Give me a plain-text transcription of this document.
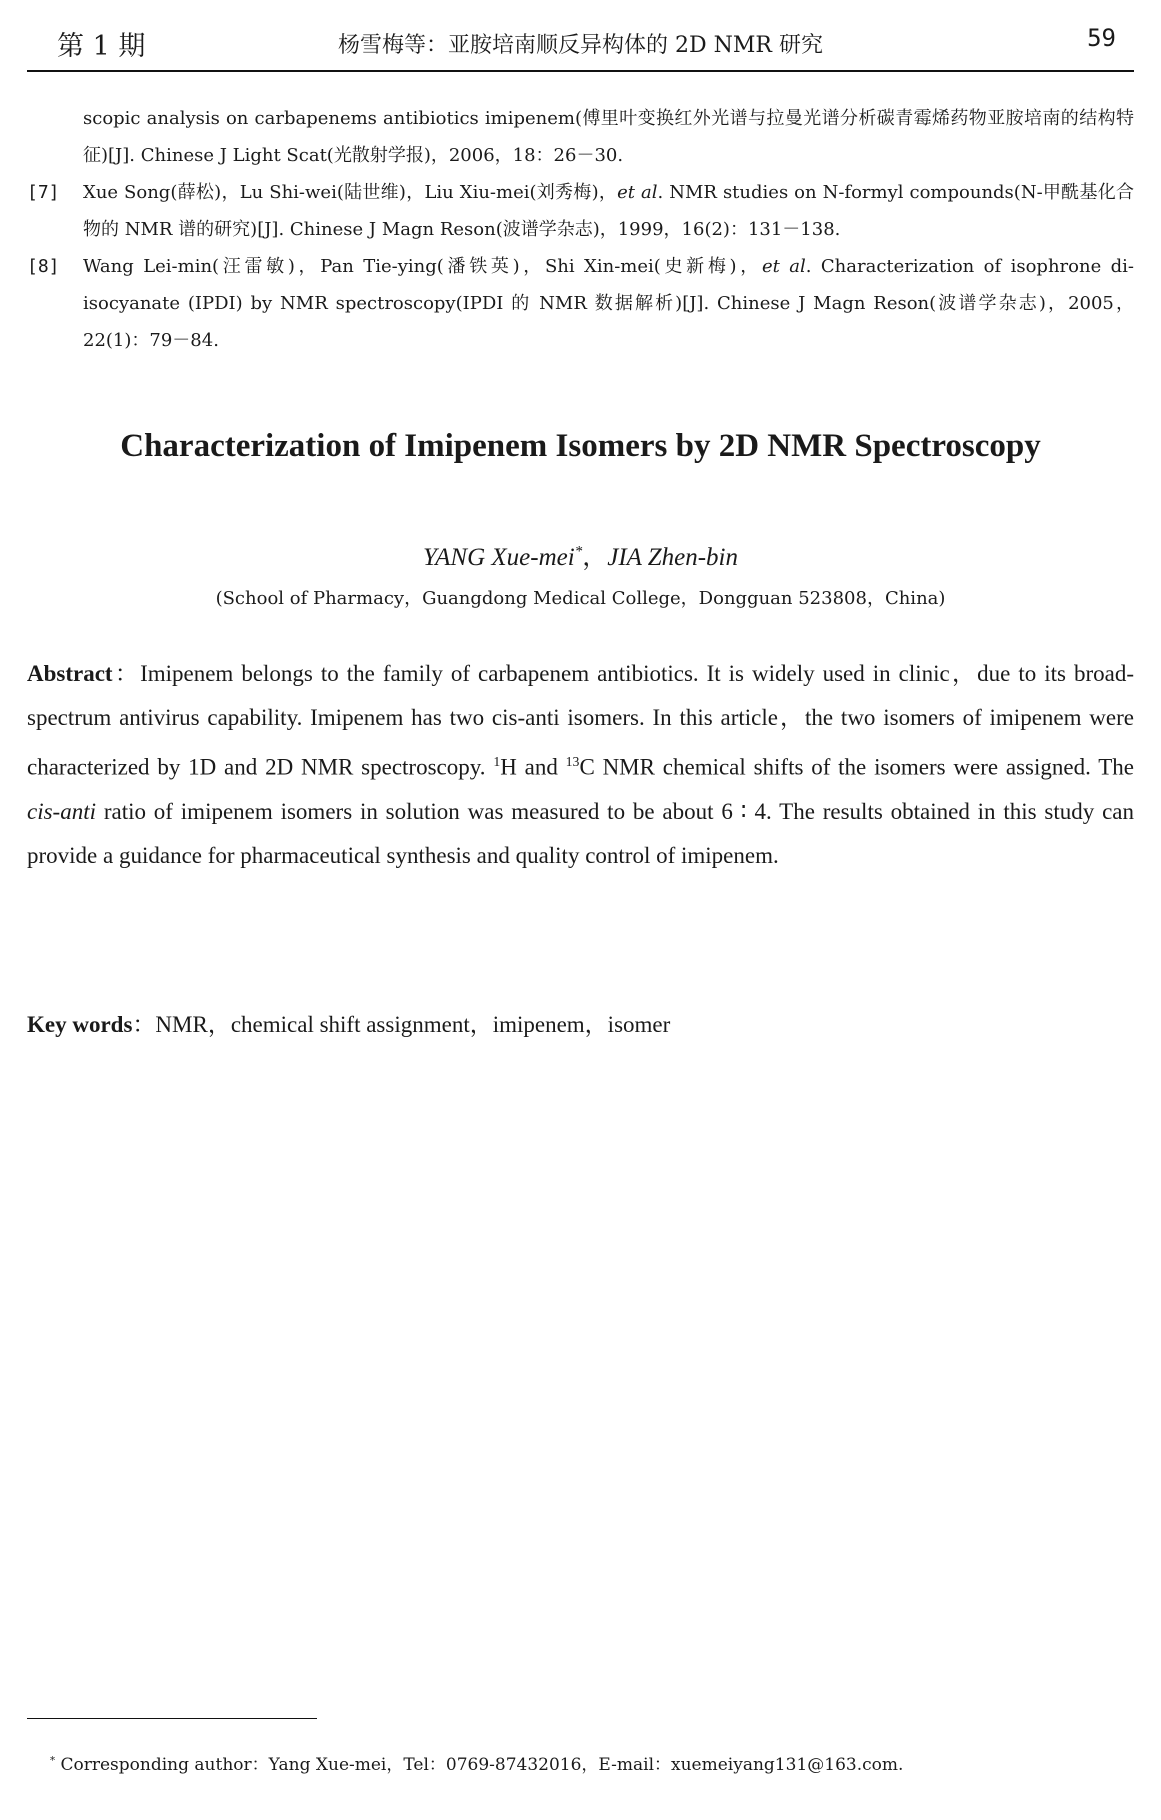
第 1 期	杨雪梅等：亚胺培南顺反异构体的 2D NMR 研究	59
scopic analysis on carbapenems antibiotics imipenem(傅里叶变换红外光谱与拉曼光谱分析碳青霉烯药物亚胺培南的结构特征)[J]. Chinese J Light Scat(光散射学报)，2006，18：26－30.
[7] Xue Song(薛松)，Lu Shi-wei(陆世维)，Liu Xiu-mei(刘秀梅)，et al. NMR studies on N-formyl compounds(N-甲酰基化合物的 NMR 谱的研究)[J]. Chinese J Magn Reson(波谱学杂志)，1999，16(2)：131－138.
[8] Wang Lei-min(汪雷敏)，Pan Tie-ying(潘铁英)，Shi Xin-mei(史新梅)，et al. Characterization of isophrone di-isocyanate (IPDI) by NMR spectroscopy(IPDI 的 NMR 数据解析)[J]. Chinese J Magn Reson(波谱学杂志)，2005，22(1)：79－84.
Characterization of Imipenem Isomers by 2D NMR Spectroscopy
YANG Xue-mei*，JIA Zhen-bin
(School of Pharmacy，Guangdong Medical College，Dongguan 523808，China)
Abstract：Imipenem belongs to the family of carbapenem antibiotics. It is widely used in clinic，due to its broad-spectrum antivirus capability. Imipenem has two cis-anti isomers. In this article，the two isomers of imipenem were characterized by 1D and 2D NMR spectroscopy. $^1$H and $^{13}$C NMR chemical shifts of the isomers were assigned. The cis-anti ratio of imipenem isomers in solution was measured to be about 6 ∶ 4. The results obtained in this study can provide a guidance for pharmaceutical synthesis and quality control of imipenem.
Key words：NMR，chemical shift assignment，imipenem，isomer
* Corresponding author：Yang Xue-mei，Tel：0769-87432016，E-mail：xuemeiyang131@163.com.
